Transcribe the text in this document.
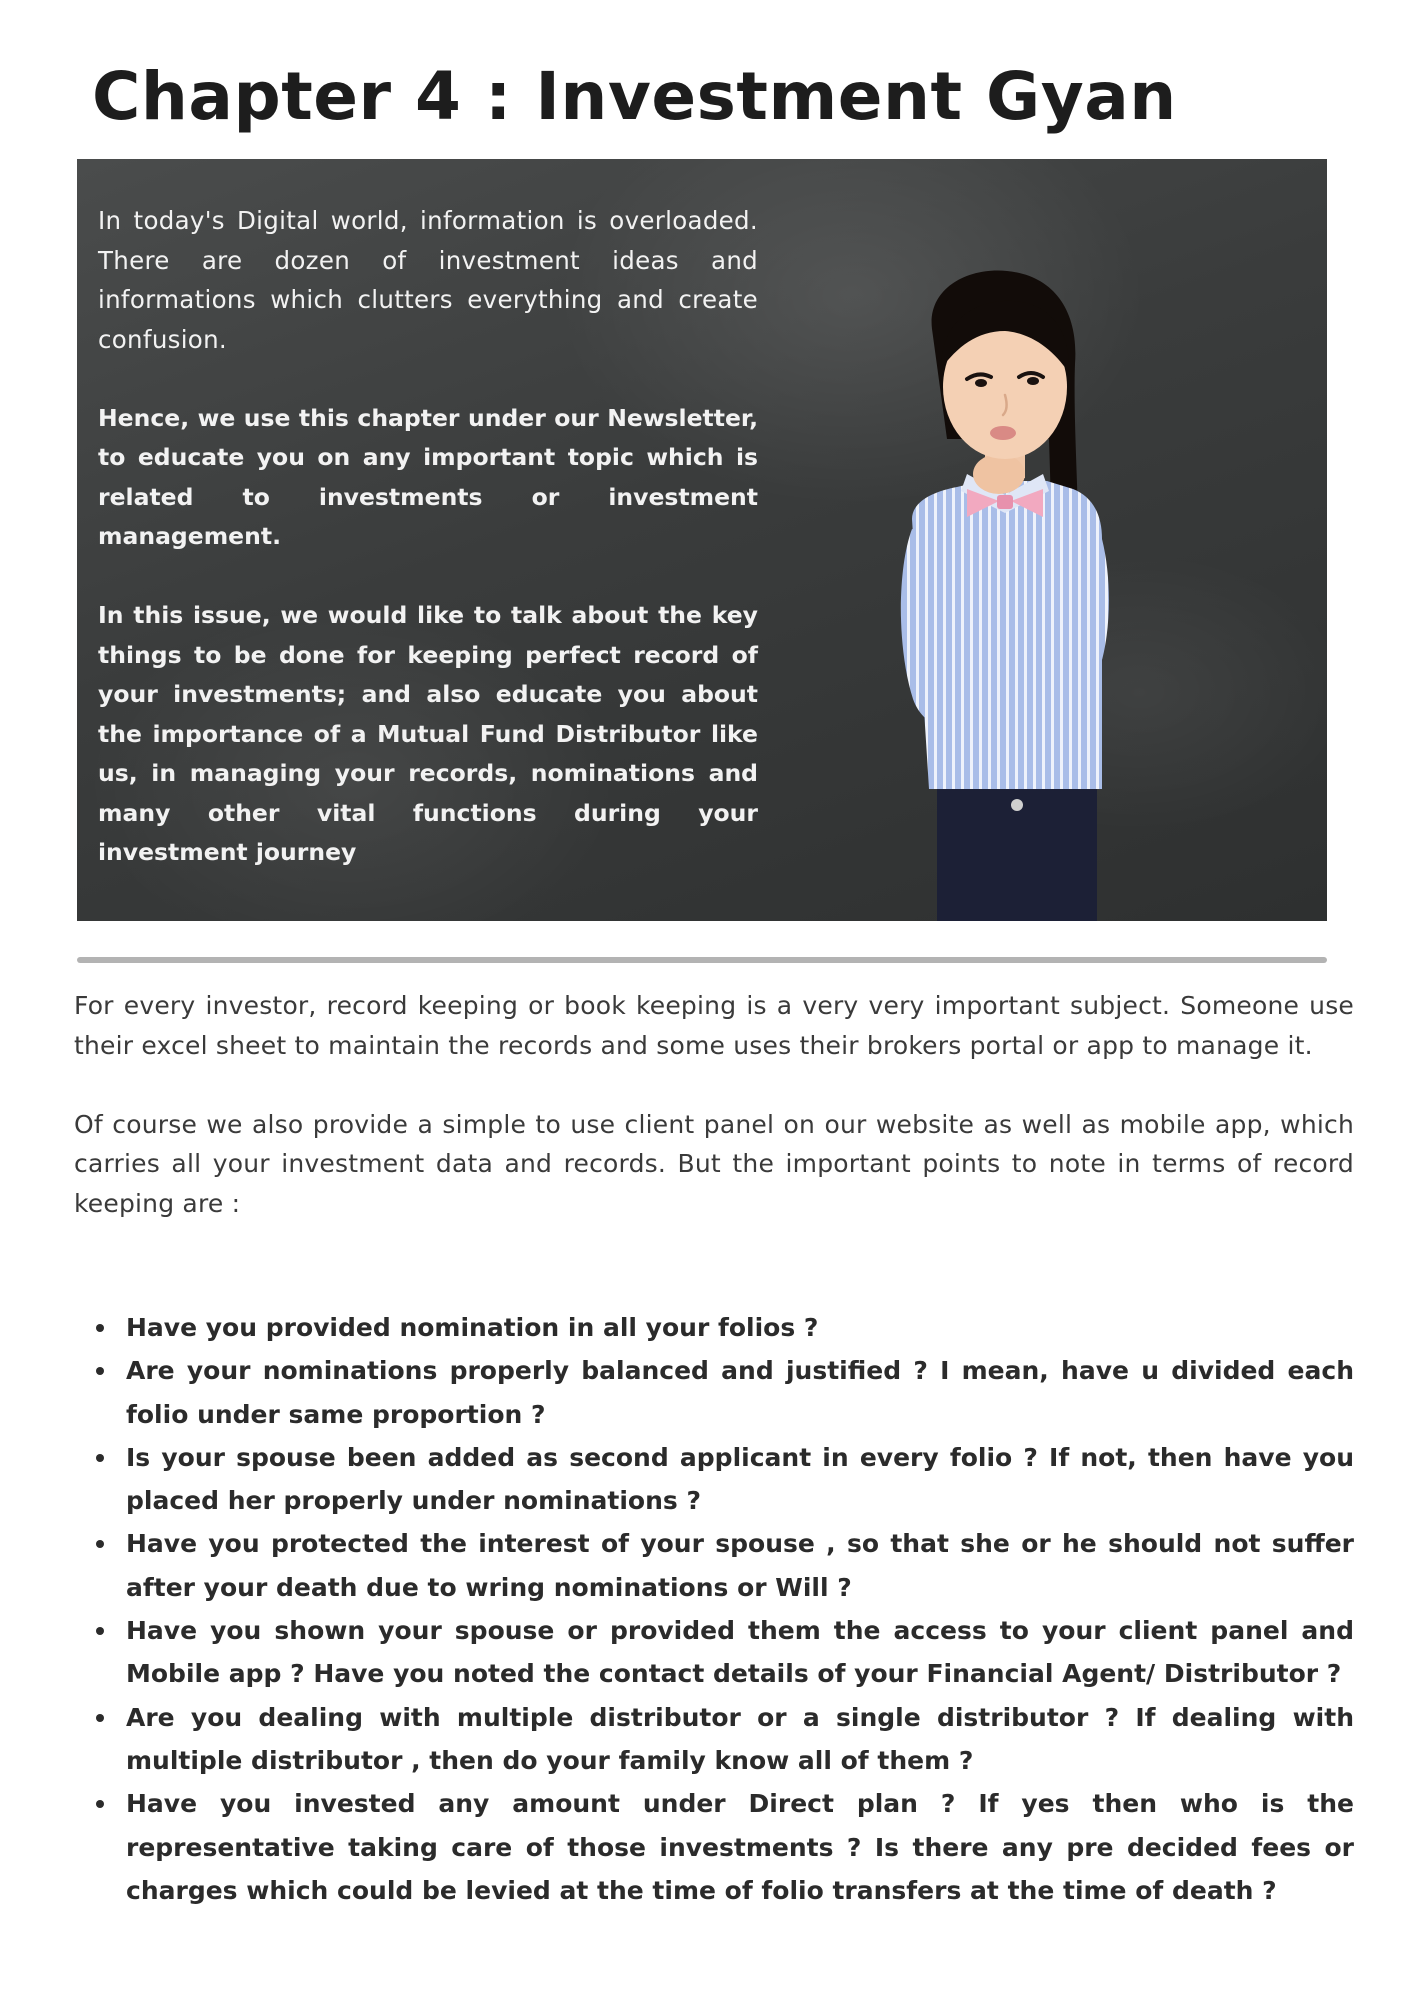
Chapter 4 : Investment Gyan

In today's Digital world, information is overloaded. There are dozen of investment ideas and informations which clutters everything and create confusion.

Hence, we use this chapter under our Newsletter, to educate you on any important topic which is related to investments or investment management.

In this issue, we would like to talk about the key things to be done for keeping perfect record of your investments; and also educate you about the importance of a Mutual Fund Distributor like us, in managing your records, nominations and many other vital functions during your investment journey

For every investor, record keeping or book keeping is a very very important subject. Someone use their excel sheet to maintain the records and some uses their brokers portal or app to manage it.

Of course we also provide a simple to use client panel on our website as well as mobile app, which carries all your investment data and records. But the important points to note in terms of record keeping are :

Have you provided nomination in all your folios ?
Are your nominations properly balanced and justified ? I mean, have u divided each folio under same proportion ?
Is your spouse been added as second applicant in every folio ? If not, then have you placed her properly under nominations ?
Have you protected the interest of your spouse , so that she or he should not suffer after your death due to wring nominations or Will ?
Have you shown your spouse or provided them the access to your client panel and Mobile app ? Have you noted the contact details of your Financial Agent/ Distributor ?
Are you dealing with multiple distributor or a single distributor ? If dealing with multiple distributor , then do your family know all of them ?
Have you invested any amount under Direct plan ? If yes then who is the representative taking care of those investments ? Is there any pre decided fees or charges which could be levied at the time of folio transfers at the time of death ?
